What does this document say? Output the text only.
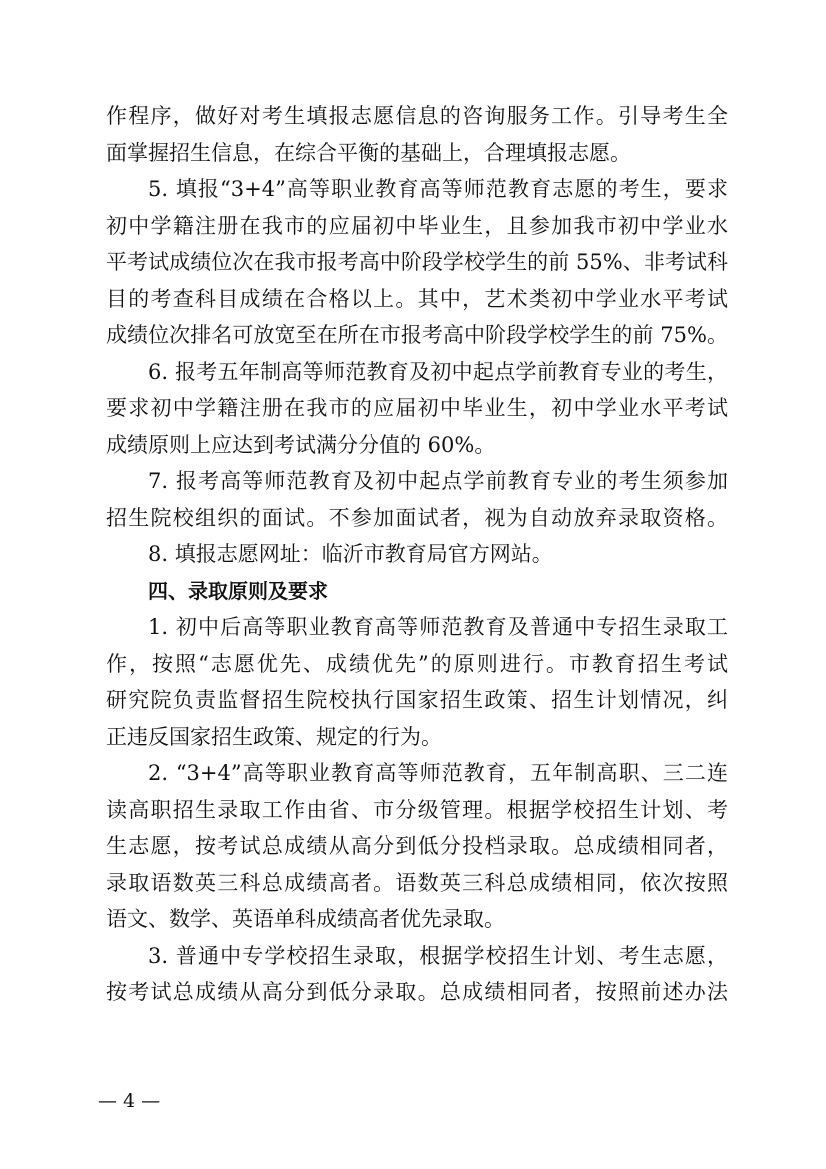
作程序，做好对考生填报志愿信息的咨询服务工作。引导考生全
面掌握招生信息，在综合平衡的基础上，合理填报志愿。
5. 填报“3+4”高等职业教育高等师范教育志愿的考生，要求
初中学籍注册在我市的应届初中毕业生，且参加我市初中学业水
平考试成绩位次在我市报考高中阶段学校学生的前 55%、非考试科
目的考查科目成绩在合格以上。其中，艺术类初中学业水平考试
成绩位次排名可放宽至在所在市报考高中阶段学校学生的前 75%。
6. 报考五年制高等师范教育及初中起点学前教育专业的考生，
要求初中学籍注册在我市的应届初中毕业生，初中学业水平考试
成绩原则上应达到考试满分分值的 60%。
7. 报考高等师范教育及初中起点学前教育专业的考生须参加
招生院校组织的面试。不参加面试者，视为自动放弃录取资格。
8. 填报志愿网址：临沂市教育局官方网站。
四、录取原则及要求
1. 初中后高等职业教育高等师范教育及普通中专招生录取工
作，按照“志愿优先、成绩优先”的原则进行。市教育招生考试
研究院负责监督招生院校执行国家招生政策、招生计划情况，纠
正违反国家招生政策、规定的行为。
2. “3+4”高等职业教育高等师范教育，五年制高职、三二连
读高职招生录取工作由省、市分级管理。根据学校招生计划、考
生志愿，按考试总成绩从高分到低分投档录取。总成绩相同者，
录取语数英三科总成绩高者。语数英三科总成绩相同，依次按照
语文、数学、英语单科成绩高者优先录取。
3. 普通中专学校招生录取，根据学校招生计划、考生志愿，
按考试总成绩从高分到低分录取。总成绩相同者，按照前述办法
— 4 —
